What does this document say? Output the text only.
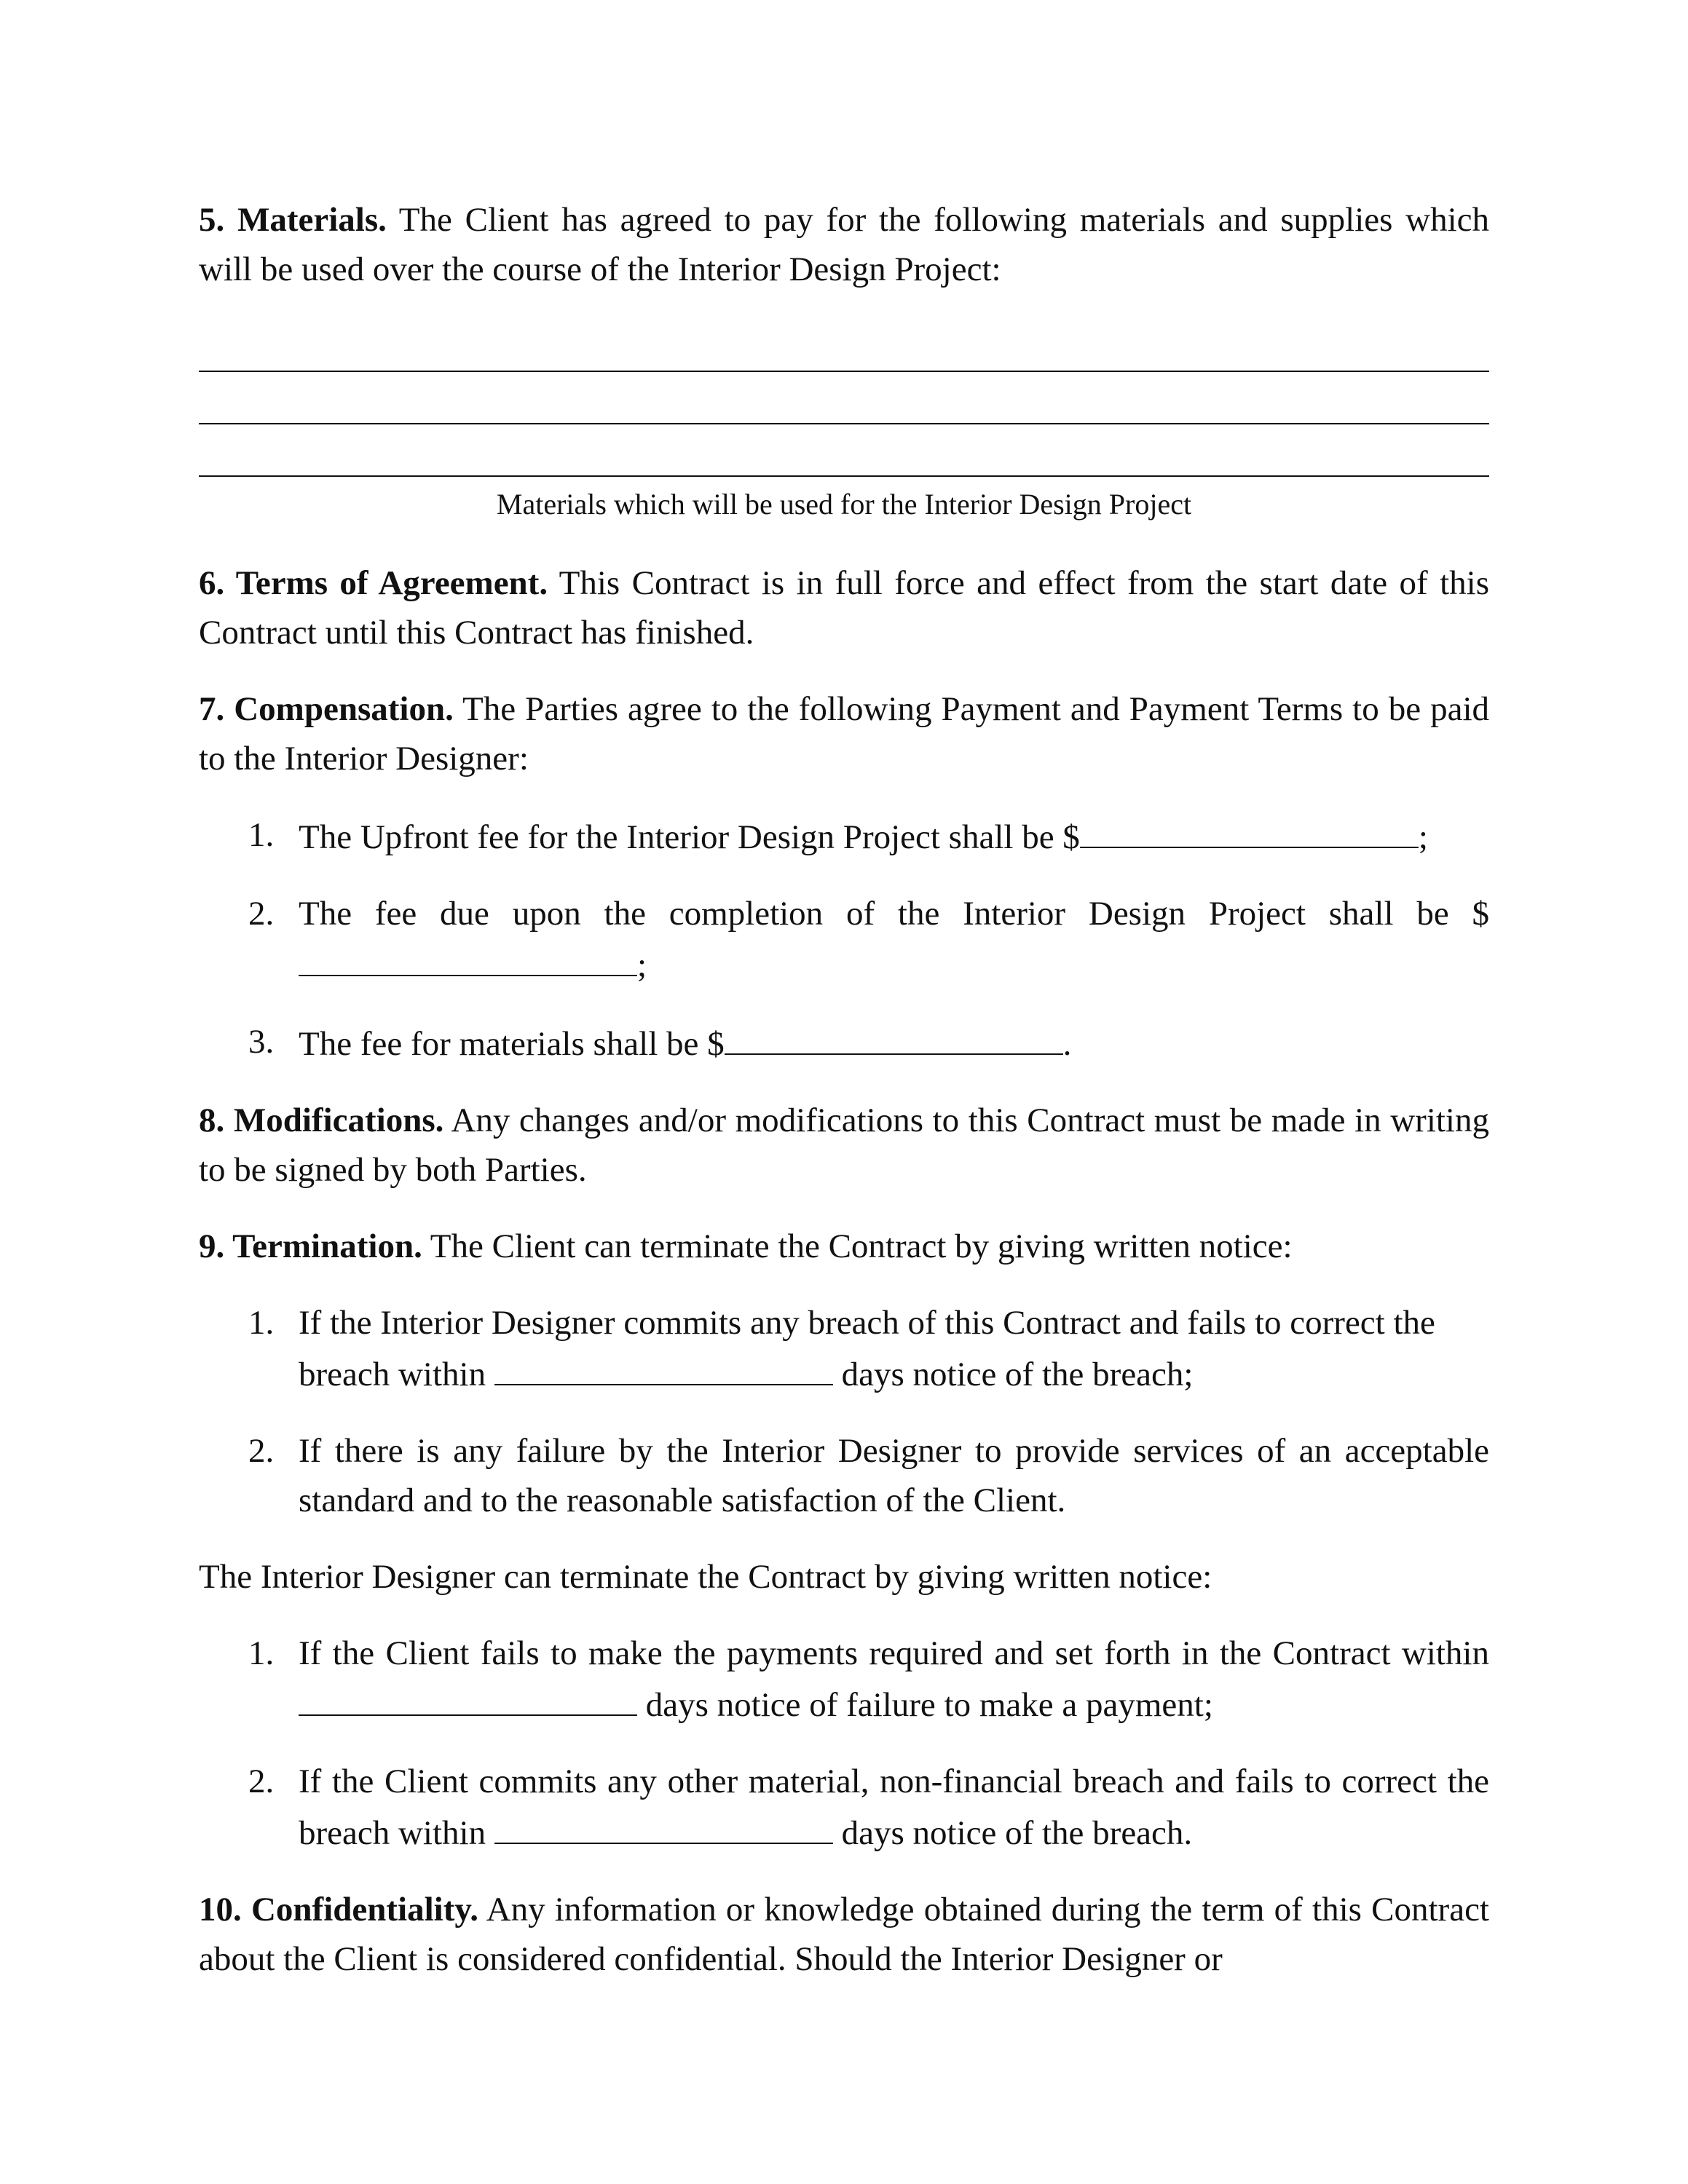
5. Materials. The Client has agreed to pay for the following materials and supplies which will be used over the course of the Interior Design Project:

Materials which will be used for the Interior Design Project

6. Terms of Agreement. This Contract is in full force and effect from the start date of this Contract until this Contract has finished.

7. Compensation. The Parties agree to the following Payment and Payment Terms to be paid to the Interior Designer:

1. The Upfront fee for the Interior Design Project shall be $	;
2. The fee due upon the completion of the Interior Design Project shall be $;
3. The fee for materials shall be $	.

8. Modifications. Any changes and/or modifications to this Contract must be made in writing to be signed by both Parties.

9. Termination. The Client can terminate the Contract by giving written notice:

1. If the Interior Designer commits any breach of this Contract and fails to correct the breach within	days notice of the breach;
2. If there is any failure by the Interior Designer to provide services of an acceptable standard and to the reasonable satisfaction of the Client.

The Interior Designer can terminate the Contract by giving written notice:

1. If the Client fails to make the payments required and set forth in the Contract within  days notice of failure to make a payment;
2. If the Client commits any other material, non-financial breach and fails to correct the breach within	days notice of the breach.

10. Confidentiality. Any information or knowledge obtained during the term of this Contract about the Client is considered confidential. Should the Interior Designer or
